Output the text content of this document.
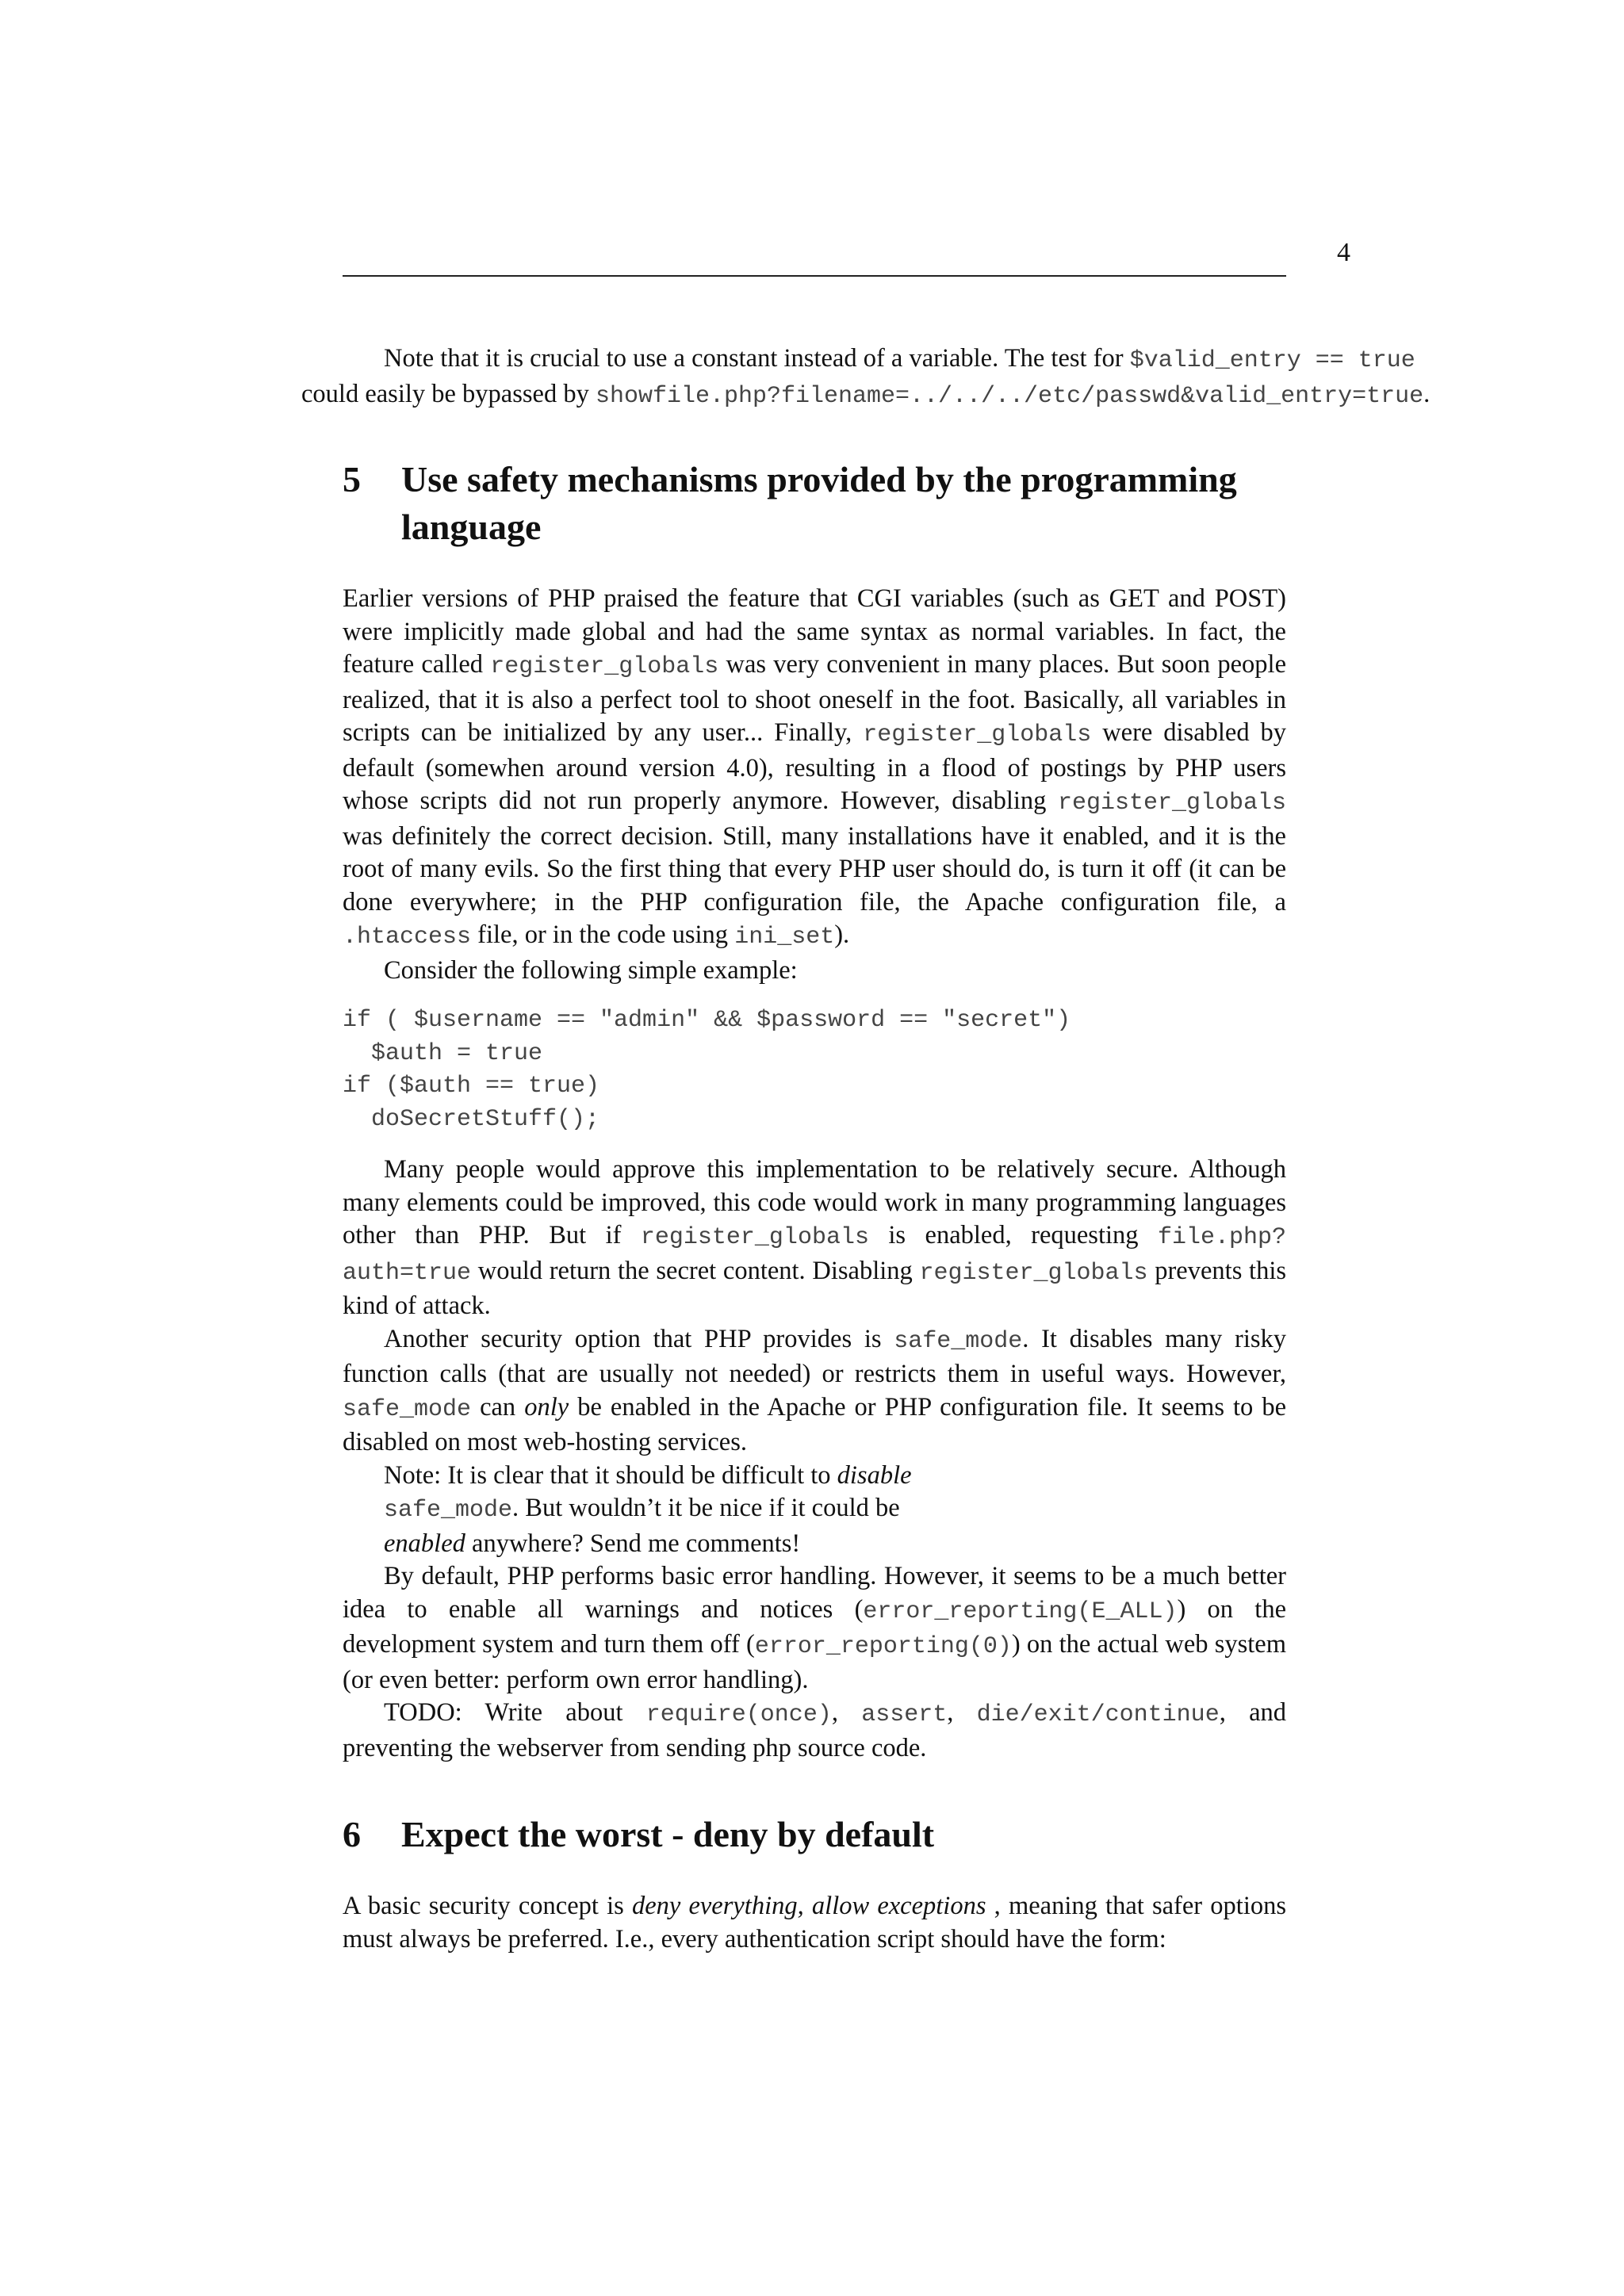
4

Note that it is crucial to use a constant instead of a variable. The test for $valid_entry == true
could easily be bypassed by showfile.php?filename=../../../etc/passwd&valid_entry=true.

5	Use safety mechanisms provided by the programming language

Earlier versions of PHP praised the feature that CGI variables (such as GET and POST) were implicitly made global and had the same syntax as normal variables. In fact, the feature called register_globals was very convenient in many places. But soon people realized, that it is also a perfect tool to shoot oneself in the foot. Basically, all variables in scripts can be initialized by any user... Finally, register_globals were disabled by default (somewhen around version 4.0), resulting in a flood of postings by PHP users whose scripts did not run properly anymore. However, disabling register_globals was definitely the correct decision. Still, many installations have it enabled, and it is the root of many evils. So the first thing that every PHP user should do, is turn it off (it can be done everywhere; in the PHP configuration file, the Apache configuration file, a .htaccess file, or in the code using ini_set).

Consider the following simple example:

if ( $username == "admin" && $password == "secret")
$auth = true
if ($auth == true)
doSecretStuff();

Many people would approve this implementation to be relatively secure. Although many elements could be improved, this code would work in many programming languages other than PHP. But if register_globals is enabled, requesting file.php?auth=true would return the secret content. Disabling register_globals prevents this kind of attack.

Another security option that PHP provides is safe_mode. It disables many risky function calls (that are usually not needed) or restricts them in useful ways. However, safe_mode can only be enabled in the Apache or PHP configuration file. It seems to be disabled on most web-hosting services.

Note: It is clear that it should be difficult to disable
safe_mode. But wouldn’t it be nice if it could be
enabled anywhere? Send me comments!

By default, PHP performs basic error handling. However, it seems to be a much better idea to enable all warnings and notices (error_reporting(E_ALL)) on the development system and turn them off (error_reporting(0)) on the actual web system (or even better: perform own error handling).

TODO: Write about require(once), assert, die/exit/continue, and preventing the webserver from sending php source code.

6	Expect the worst - deny by default

A basic security concept is deny everything, allow exceptions , meaning that safer options must always be preferred. I.e., every authentication script should have the form:
